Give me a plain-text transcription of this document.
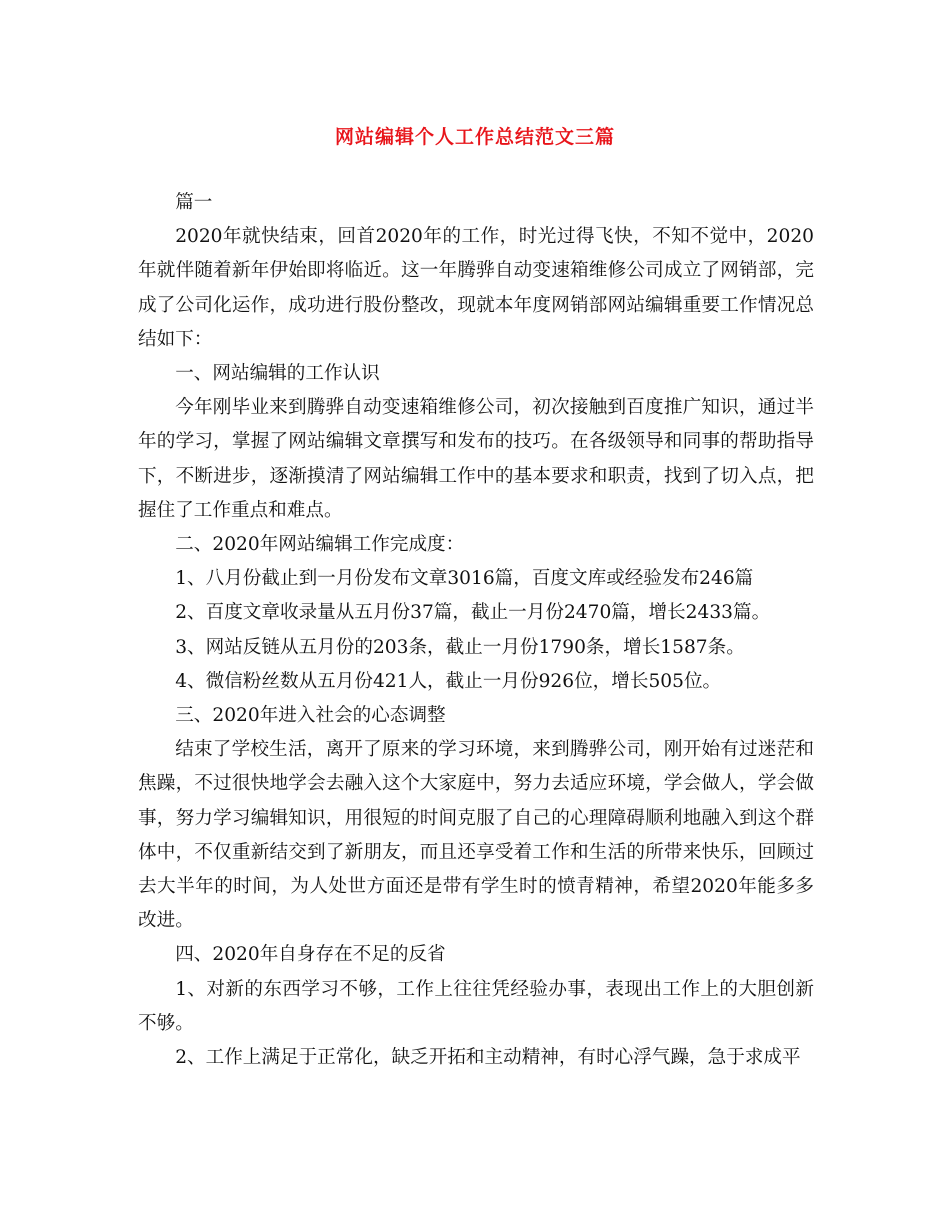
网站编辑个人工作总结范文三篇

篇一

2020年就快结束，回首2020年的工作，时光过得飞快，不知不觉中，2020年就伴随着新年伊始即将临近。这一年腾骅自动变速箱维修公司成立了网销部，完成了公司化运作，成功进行股份整改，现就本年度网销部网站编辑重要工作情况总结如下：

一、网站编辑的工作认识

今年刚毕业来到腾骅自动变速箱维修公司，初次接触到百度推广知识，通过半年的学习，掌握了网站编辑文章撰写和发布的技巧。在各级领导和同事的帮助指导下，不断进步，逐渐摸清了网站编辑工作中的基本要求和职责，找到了切入点，把握住了工作重点和难点。

二、2020年网站编辑工作完成度：

1、八月份截止到一月份发布文章3016篇，百度文库或经验发布246篇

2、百度文章收录量从五月份37篇，截止一月份2470篇，增长2433篇。

3、网站反链从五月份的203条，截止一月份1790条，增长1587条。

4、微信粉丝数从五月份421人，截止一月份926位，增长505位。

三、2020年进入社会的心态调整

结束了学校生活，离开了原来的学习环境，来到腾骅公司，刚开始有过迷茫和焦躁，不过很快地学会去融入这个大家庭中，努力去适应环境，学会做人，学会做事，努力学习编辑知识，用很短的时间克服了自己的心理障碍顺利地融入到这个群体中，不仅重新结交到了新朋友，而且还享受着工作和生活的所带来快乐，回顾过去大半年的时间，为人处世方面还是带有学生时的愤青精神，希望2020年能多多改进。

四、2020年自身存在不足的反省

1、对新的东西学习不够，工作上往往凭经验办事，表现出工作上的大胆创新不够。

2、工作上满足于正常化，缺乏开拓和主动精神，有时心浮气躁，急于求成平
